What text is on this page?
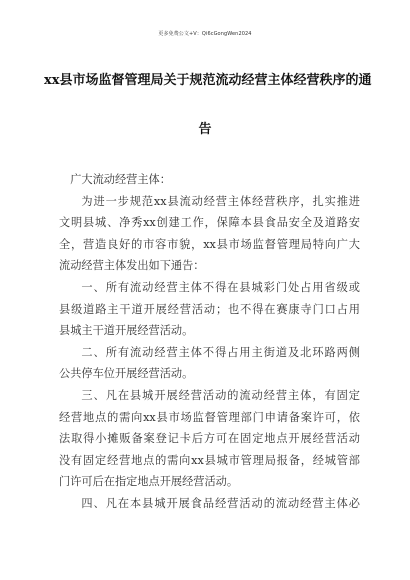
更多免费公文+V：Qi6cGongWen2024
xx县市场监督管理局关于规范流动经营主体经营秩序的通
告
广大流动经营主体：
为进一步规范xx县流动经营主体经营秩序，扎实推进
文明县城、净秀xx创建工作，保障本县食品安全及道路安
全，营造良好的市容市貌，xx县市场监督管理局特向广大
流动经营主体发出如下通告：
一、所有流动经营主体不得在县城彩门处占用省级或
县级道路主干道开展经营活动；也不得在赛康寺门口占用
县城主干道开展经营活动。
二、所有流动经营主体不得占用主街道及北环路两侧
公共停车位开展经营活动。
三、凡在县城开展经营活动的流动经营主体，有固定
经营地点的需向xx县市场监督管理部门申请备案许可，依
法取得小摊贩备案登记卡后方可在固定地点开展经营活动
没有固定经营地点的需向xx县城市管理局报备，经城管部
门许可后在指定地点开展经营活动。
四、凡在本县城开展食品经营活动的流动经营主体必
